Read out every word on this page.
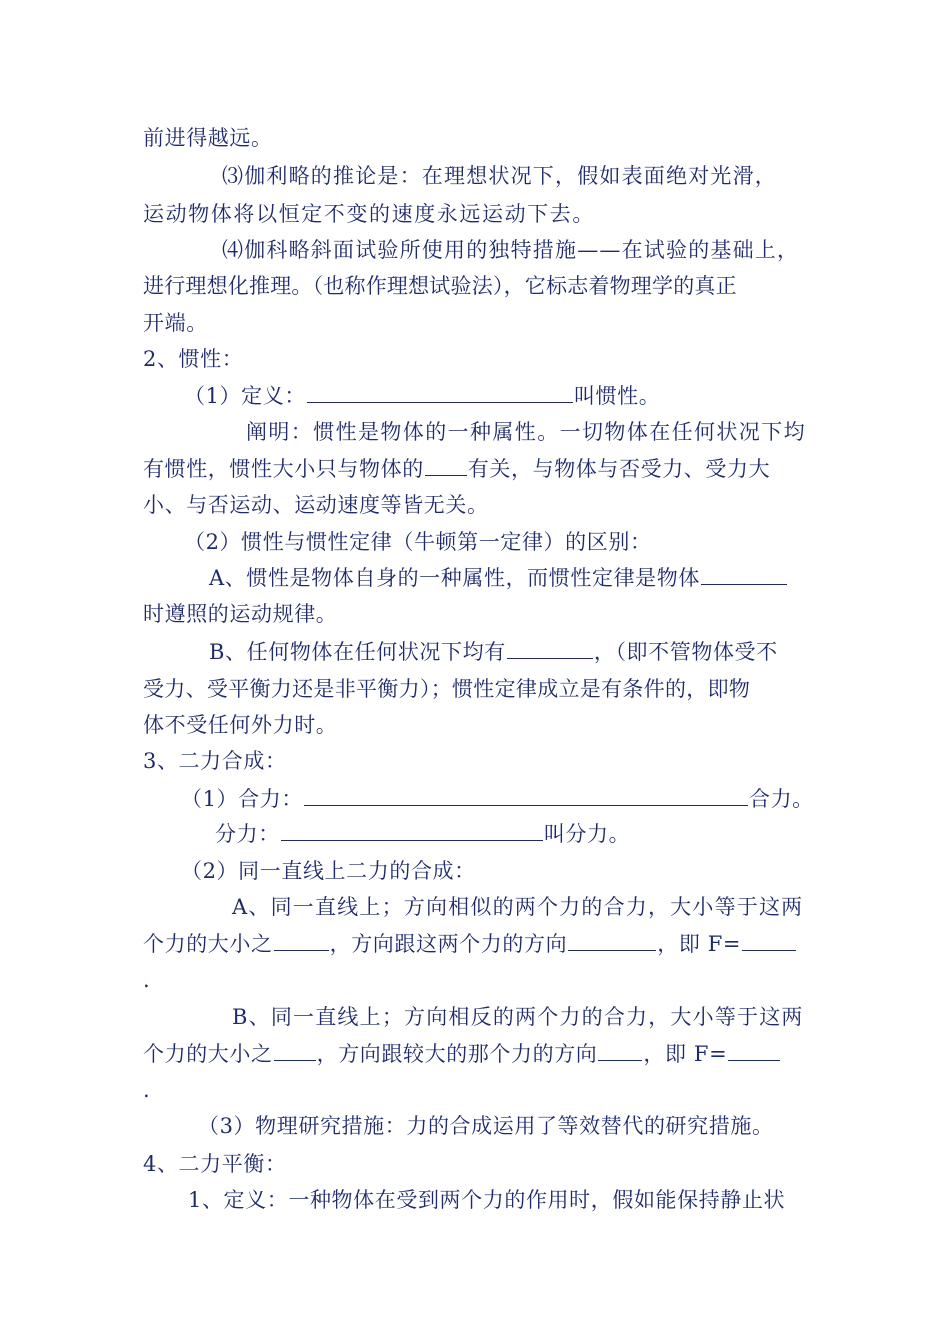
前进得越远。
⑶伽利略的推论是：在理想状况下，假如表面绝对光滑，
运动物体将以恒定不变的速度永远运动下去。
⑷伽科略斜面试验所使用的独特措施——在试验的基础上，
进行理想化推理。（也称作理想试验法），它标志着物理学的真正
开端。
2、惯性：
（1）定义：	叫惯性。
阐明：惯性是物体的一种属性。一切物体在任何状况下均
有惯性，惯性大小只与物体的 有关，与物体与否受力、受力大
小、与否运动、运动速度等皆无关。
（2）惯性与惯性定律（牛顿第一定律）的区别：
A、惯性是物体自身的一种属性，而惯性定律是物体
时遵照的运动规律。
B、任何物体在任何状况下均有	，（即不管物体受不
受力、受平衡力还是非平衡力）；惯性定律成立是有条件的，即物
体不受任何外力时。
3、二力合成：
（1）合力：	合力。
分力：	叫分力。
（2）同一直线上二力的合成：
A、同一直线上；方向相似的两个力的合力，大小等于这两
个力的大小之	，方向跟这两个力的方向	，即 F=
.
B、同一直线上；方向相反的两个力的合力，大小等于这两
个力的大小之 ，方向跟较大的那个力的方向 ，即 F=
.
（3）物理研究措施：力的合成运用了等效替代的研究措施。
4、二力平衡：
1、定义：一种物体在受到两个力的作用时，假如能保持静止状
